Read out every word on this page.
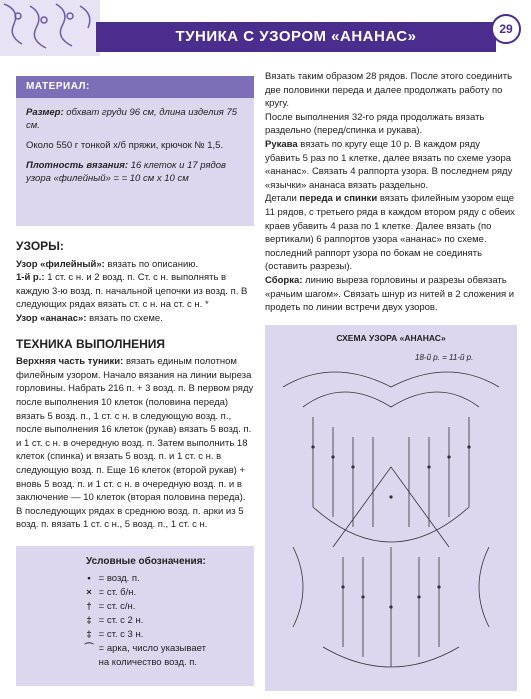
ТУНИКА С УЗОРОМ «АНАНАС»	29
МАТЕРИАЛ:

Размер: обхват груди 96 см, длина изделия 75 см.

Около 550 г тонкой х/б пряжи, крючок № 1,5.

Плотность вязания: 16 клеток и 17 рядов узора «филейный» = = 10 см х 10 см

УЗОРЫ:

Узор «филейный»: вязать по описанию.

1-й р.: 1 ст. с н. и 2 возд. п. Ст. с н. выполнять в каждую 3-ю возд. п. начальной цепочки из возд. п. В следующих рядах вязать ст. с н. на ст. с н. *

Узор «ананас»: вязать по схеме.

ТЕХНИКА ВЫПОЛНЕНИЯ

Верхняя часть туники: вязать единым полотном филейным узором. Начало вязания на линии выреза горловины. Набрать 216 п. + 3 возд. п. В первом ряду после выполнения 10 клеток (половина переда) вязать 5 возд. п., 1 ст. с н. в следующую возд. п., после выполнения 16 клеток (рукав) вязать 5 возд. п. и 1 ст. с н. в очередную возд. п. Затем выполнить 18 клеток (спинка) и вязать 5 возд. п. и 1 ст. с н. в следующую возд. п. Еще 16 клеток (второй рукав) + вновь 5 возд. п. и 1 ст. с н. в очередную возд. п. и в заключение — 10 клеток (вторая половина переда).

В последующих рядах в среднюю возд. п. арки из 5 возд. п. вязать 1 ст. с н., 5 возд. п., 1 ст. с н.

Вязать таким образом 28 рядов. После этого соединить две половинки переда и далее продолжать работу по кругу.

После выполнения 32-го ряда продолжать вязать раздельно (перед/спинка и рукава).

Рукава вязать по кругу еще 10 р. В каждом ряду убавить 5 раз по 1 клетке, далее вязать по схеме узора «ананас». Связать 4 раппорта узора. В последнем ряду «язычки» ананаса вязать раздельно.

Детали переда и спинки вязать филейным узором еще 11 рядов, с третьего ряда в каждом втором ряду с обеих краев убавить 4 раза по 1 клетке. Далее вязать (по вертикали) 6 раппортов узора «ананас» по схеме. последний раппорт узора по бокам не соединять (оставить разрезы).

Сборка: линию выреза горловины и разрезы обвязать «рачьим шагом». Связать шнур из нитей в 2 сложения и продеть по линии встречи двух узоров.

СХЕМА УЗОРА «АНАНАС»
18-й р. = 11-й р.
Условные обозначения:
• = возд. п.
× = ст. б/н.
† = ст. с/н.
‡ = ст. с 2 н.
‡ = ст. с 3 н.
⌒ = арка, число указывает
на количество возд. п.
